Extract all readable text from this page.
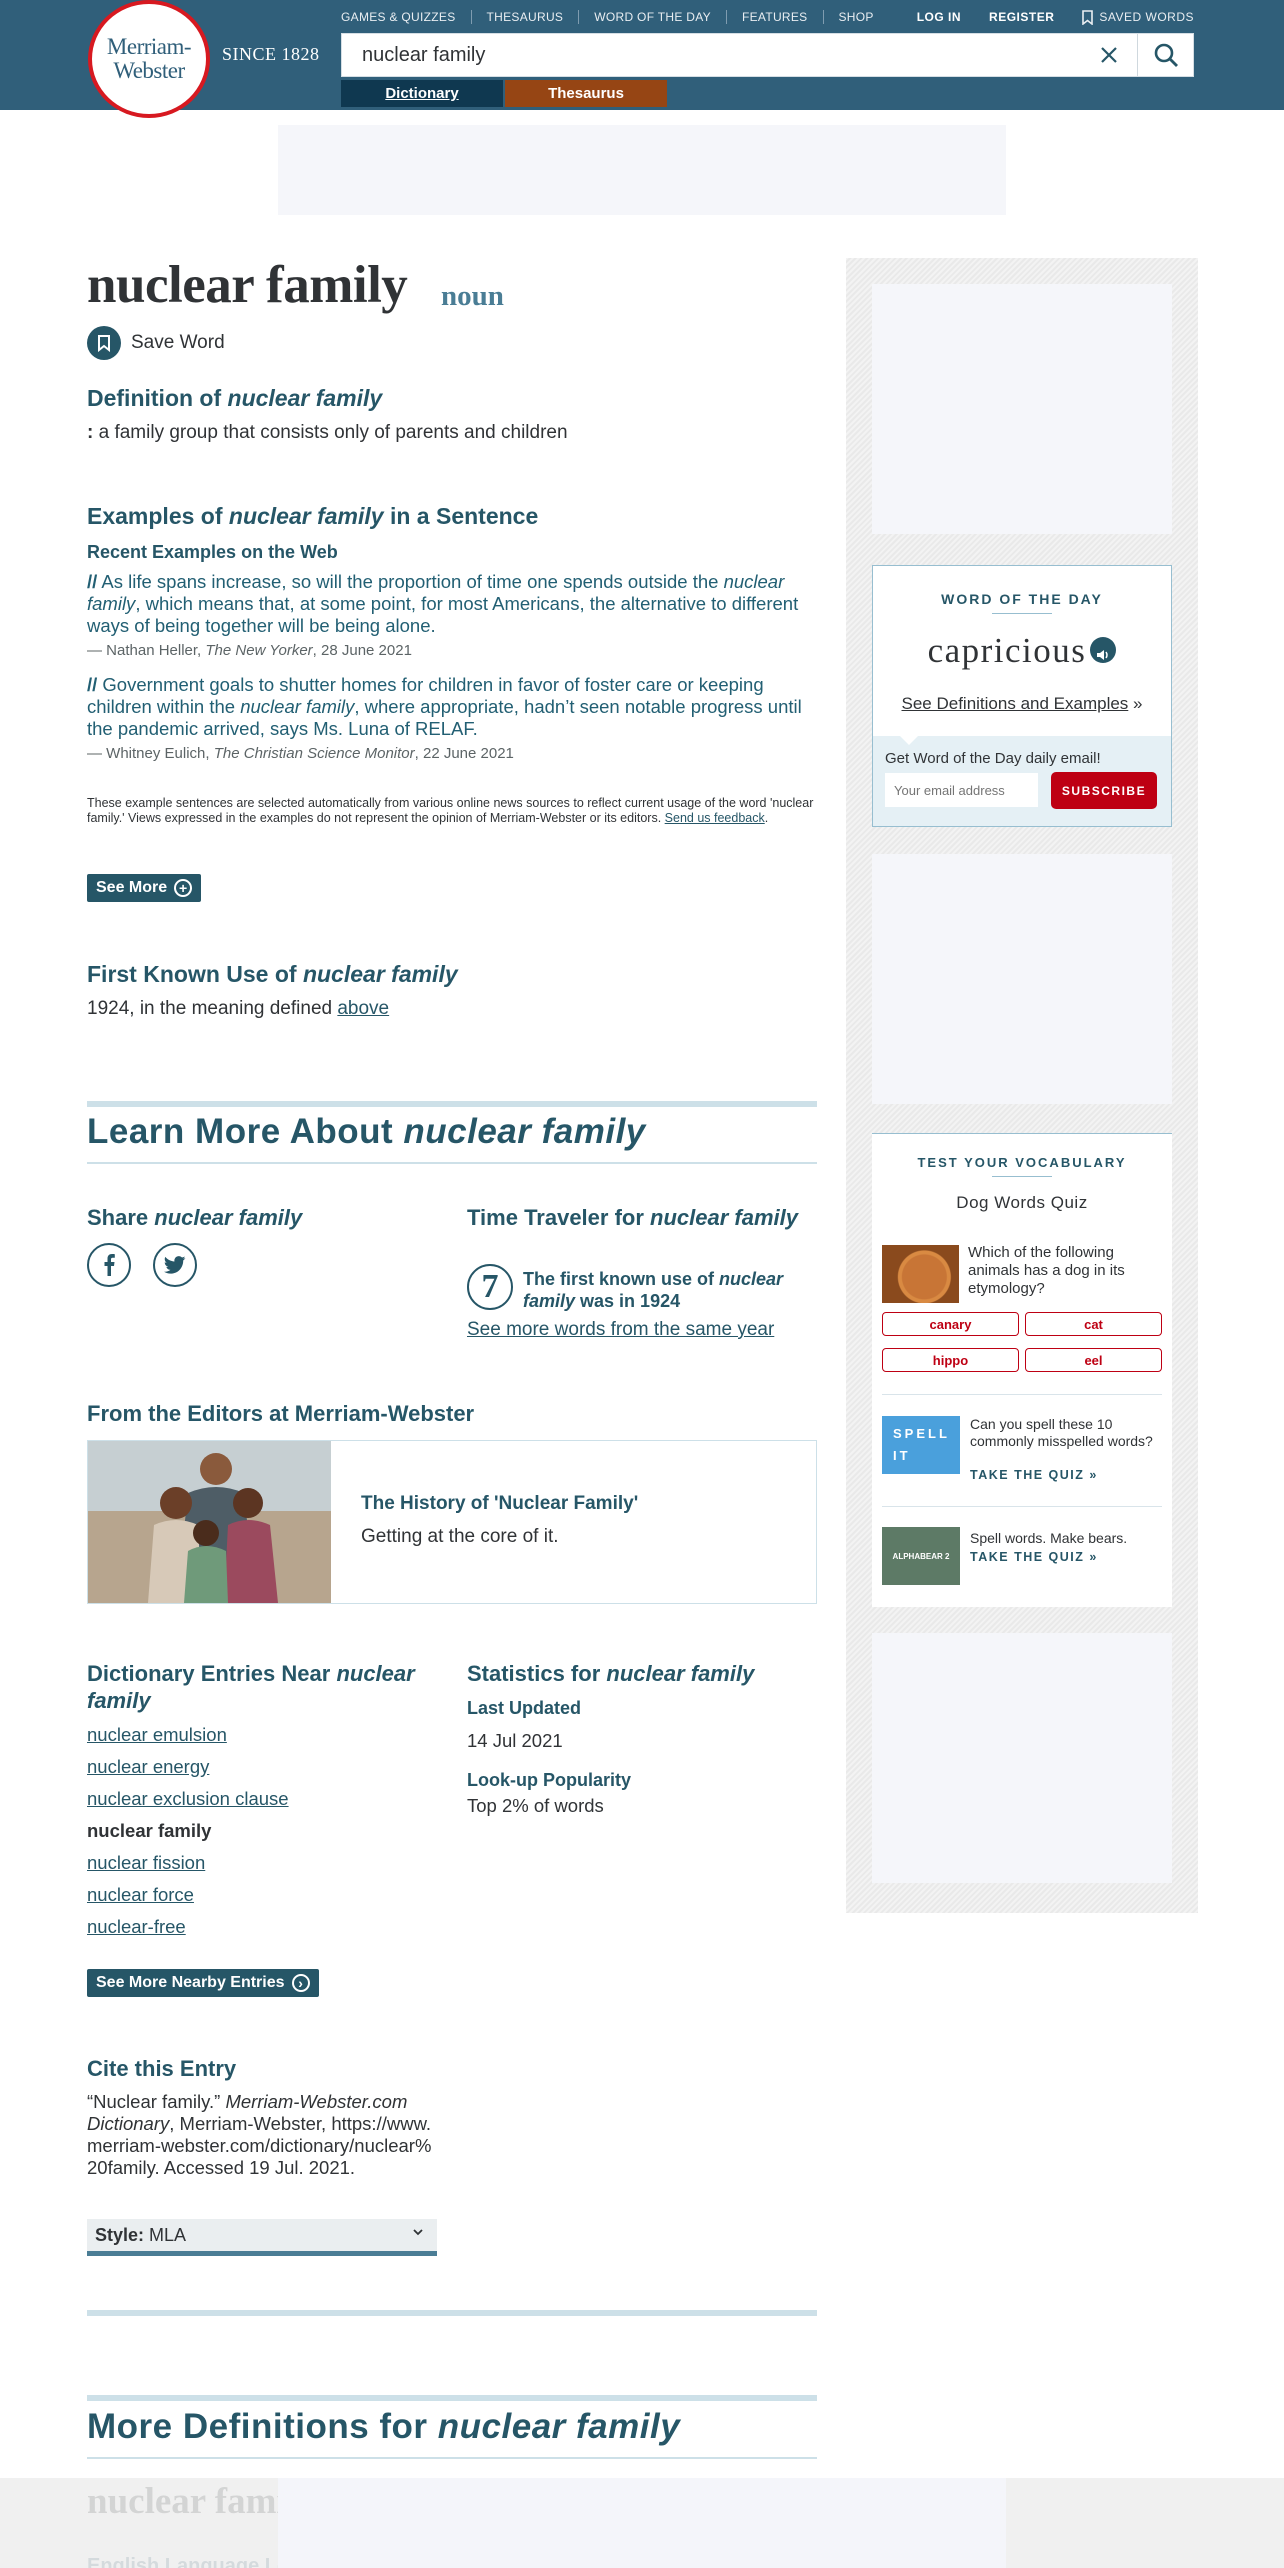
Merriam-
Webster
SINCE 1828
GAMES & QUIZZES	THESAURUS	WORD OF THE DAY	FEATURES	SHOP	LOG IN REGISTER	SAVED WORDS
nuclear family
Dictionary	Thesaurus
nuclear family noun
Save Word
Definition of nuclear family
: a family group that consists only of parents and children
Examples of nuclear family in a Sentence
Recent Examples on the Web
// As life spans increase, so will the proportion of time one spends outside the nuclear family, which means that, at some point, for most Americans, the alternative to different ways of being together will be being alone.
— Nathan Heller, The New Yorker, 28 June 2021
// Government goals to shutter homes for children in favor of foster care or keeping children within the nuclear family, where appropriate, hadn’t seen notable progress until the pandemic arrived, says Ms. Luna of RELAF.
— Whitney Eulich, The Christian Science Monitor, 22 June 2021
These example sentences are selected automatically from various online news sources to reflect current usage of the word 'nuclear family.' Views expressed in the examples do not represent the opinion of Merriam-Webster or its editors. Send us feedback.
See More +
First Known Use of nuclear family
1924, in the meaning defined above
Learn More About nuclear family
Share nuclear family	Time Traveler for nuclear family
7	The first known use of nuclear family was in 1924
See more words from the same year
From the Editors at Merriam-Webster
The History of 'Nuclear Family'
Getting at the core of it.
Dictionary Entries Near nuclear family
nuclear emulsion
nuclear energy
nuclear exclusion clause
nuclear family
nuclear fission
nuclear force
nuclear-free
See More Nearby Entries ›
Statistics for nuclear family
Last Updated
14 Jul 2021
Look-up Popularity
Top 2% of words
Cite this Entry
“Nuclear family.” Merriam-Webster.com Dictionary, Merriam-Webster, https://www.merriam-webster.com/dictionary/nuclear%20family. Accessed 19 Jul. 2021.
Style: MLA
More Definitions for nuclear family
WORD OF THE DAY
capricious
See Definitions and Examples »
Get Word of the Day daily email!
Your email address
SUBSCRIBE
TEST YOUR VOCABULARY
Dog Words Quiz
Which of the following animals has a dog in its etymology?
canary	cat
hippo	eel
SPELL IT
Can you spell these 10 commonly misspelled words?
TAKE THE QUIZ »
ALPHABEAR 2
Spell words. Make bears.
TAKE THE QUIZ »
